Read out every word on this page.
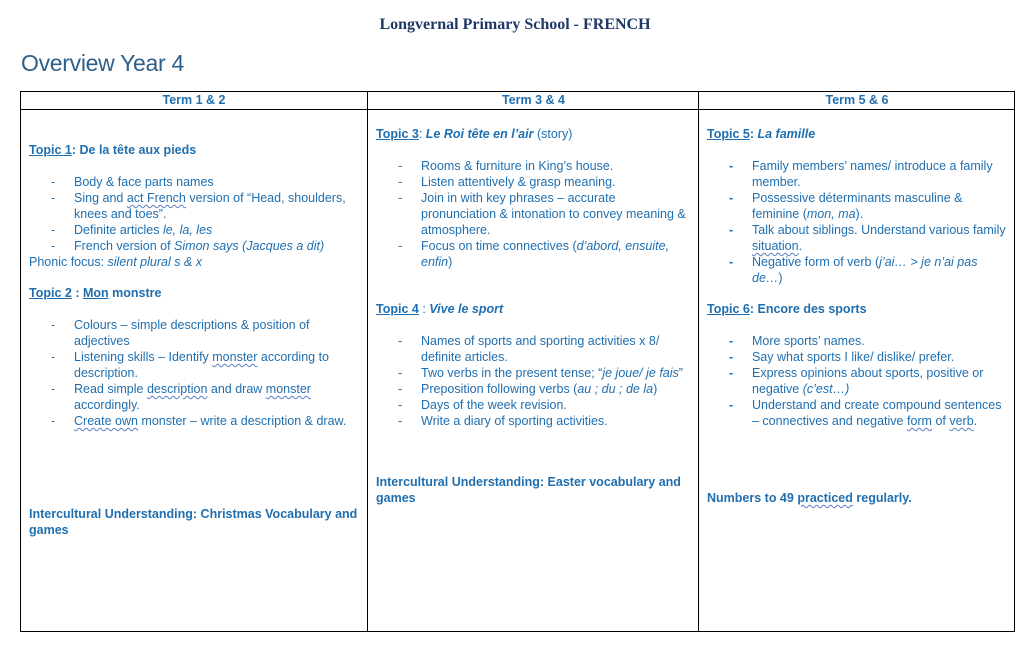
Longvernal Primary School - FRENCH
Overview Year 4
Term 1 & 2
Topic 1: De la tête aux pieds
- Body & face parts names
- Sing and act French version of “Head, shoulders, knees and toes”.
- Definite articles le, la, les
- French version of Simon says (Jacques a dit)
Phonic focus: silent plural s & x
Topic 2 : Mon monstre
- Colours – simple descriptions & position of adjectives
- Listening skills – Identify monster according to description.
- Read simple description and draw monster accordingly.
- Create own monster – write a description & draw.
Intercultural Understanding: Christmas Vocabulary and games
Term 3 & 4
Topic 3: Le Roi tête en l’air (story)
- Rooms & furniture in King’s house.
- Listen attentively & grasp meaning.
- Join in with key phrases – accurate pronunciation & intonation to convey meaning & atmosphere.
- Focus on time connectives (d’abord, ensuite, enfin)
Topic 4 : Vive le sport
- Names of sports and sporting activities x 8/ definite articles.
- Two verbs in the present tense; “je joue/ je fais”
- Preposition following verbs (au ; du ; de la)
- Days of the week revision.
- Write a diary of sporting activities.
Intercultural Understanding: Easter vocabulary and games
Term 5 & 6
Topic 5: La famille
- Family members’ names/ introduce a family member.
- Possessive déterminants masculine & feminine (mon, ma).
- Talk about siblings. Understand various family situation.
- Negative form of verb (j’ai… > je n’ai pas de…)
Topic 6: Encore des sports
- More sports’ names.
- Say what sports I like/ dislike/ prefer.
- Express opinions about sports, positive or negative (c’est…)
- Understand and create compound sentences – connectives and negative form of verb.
Numbers to 49 practiced regularly.
